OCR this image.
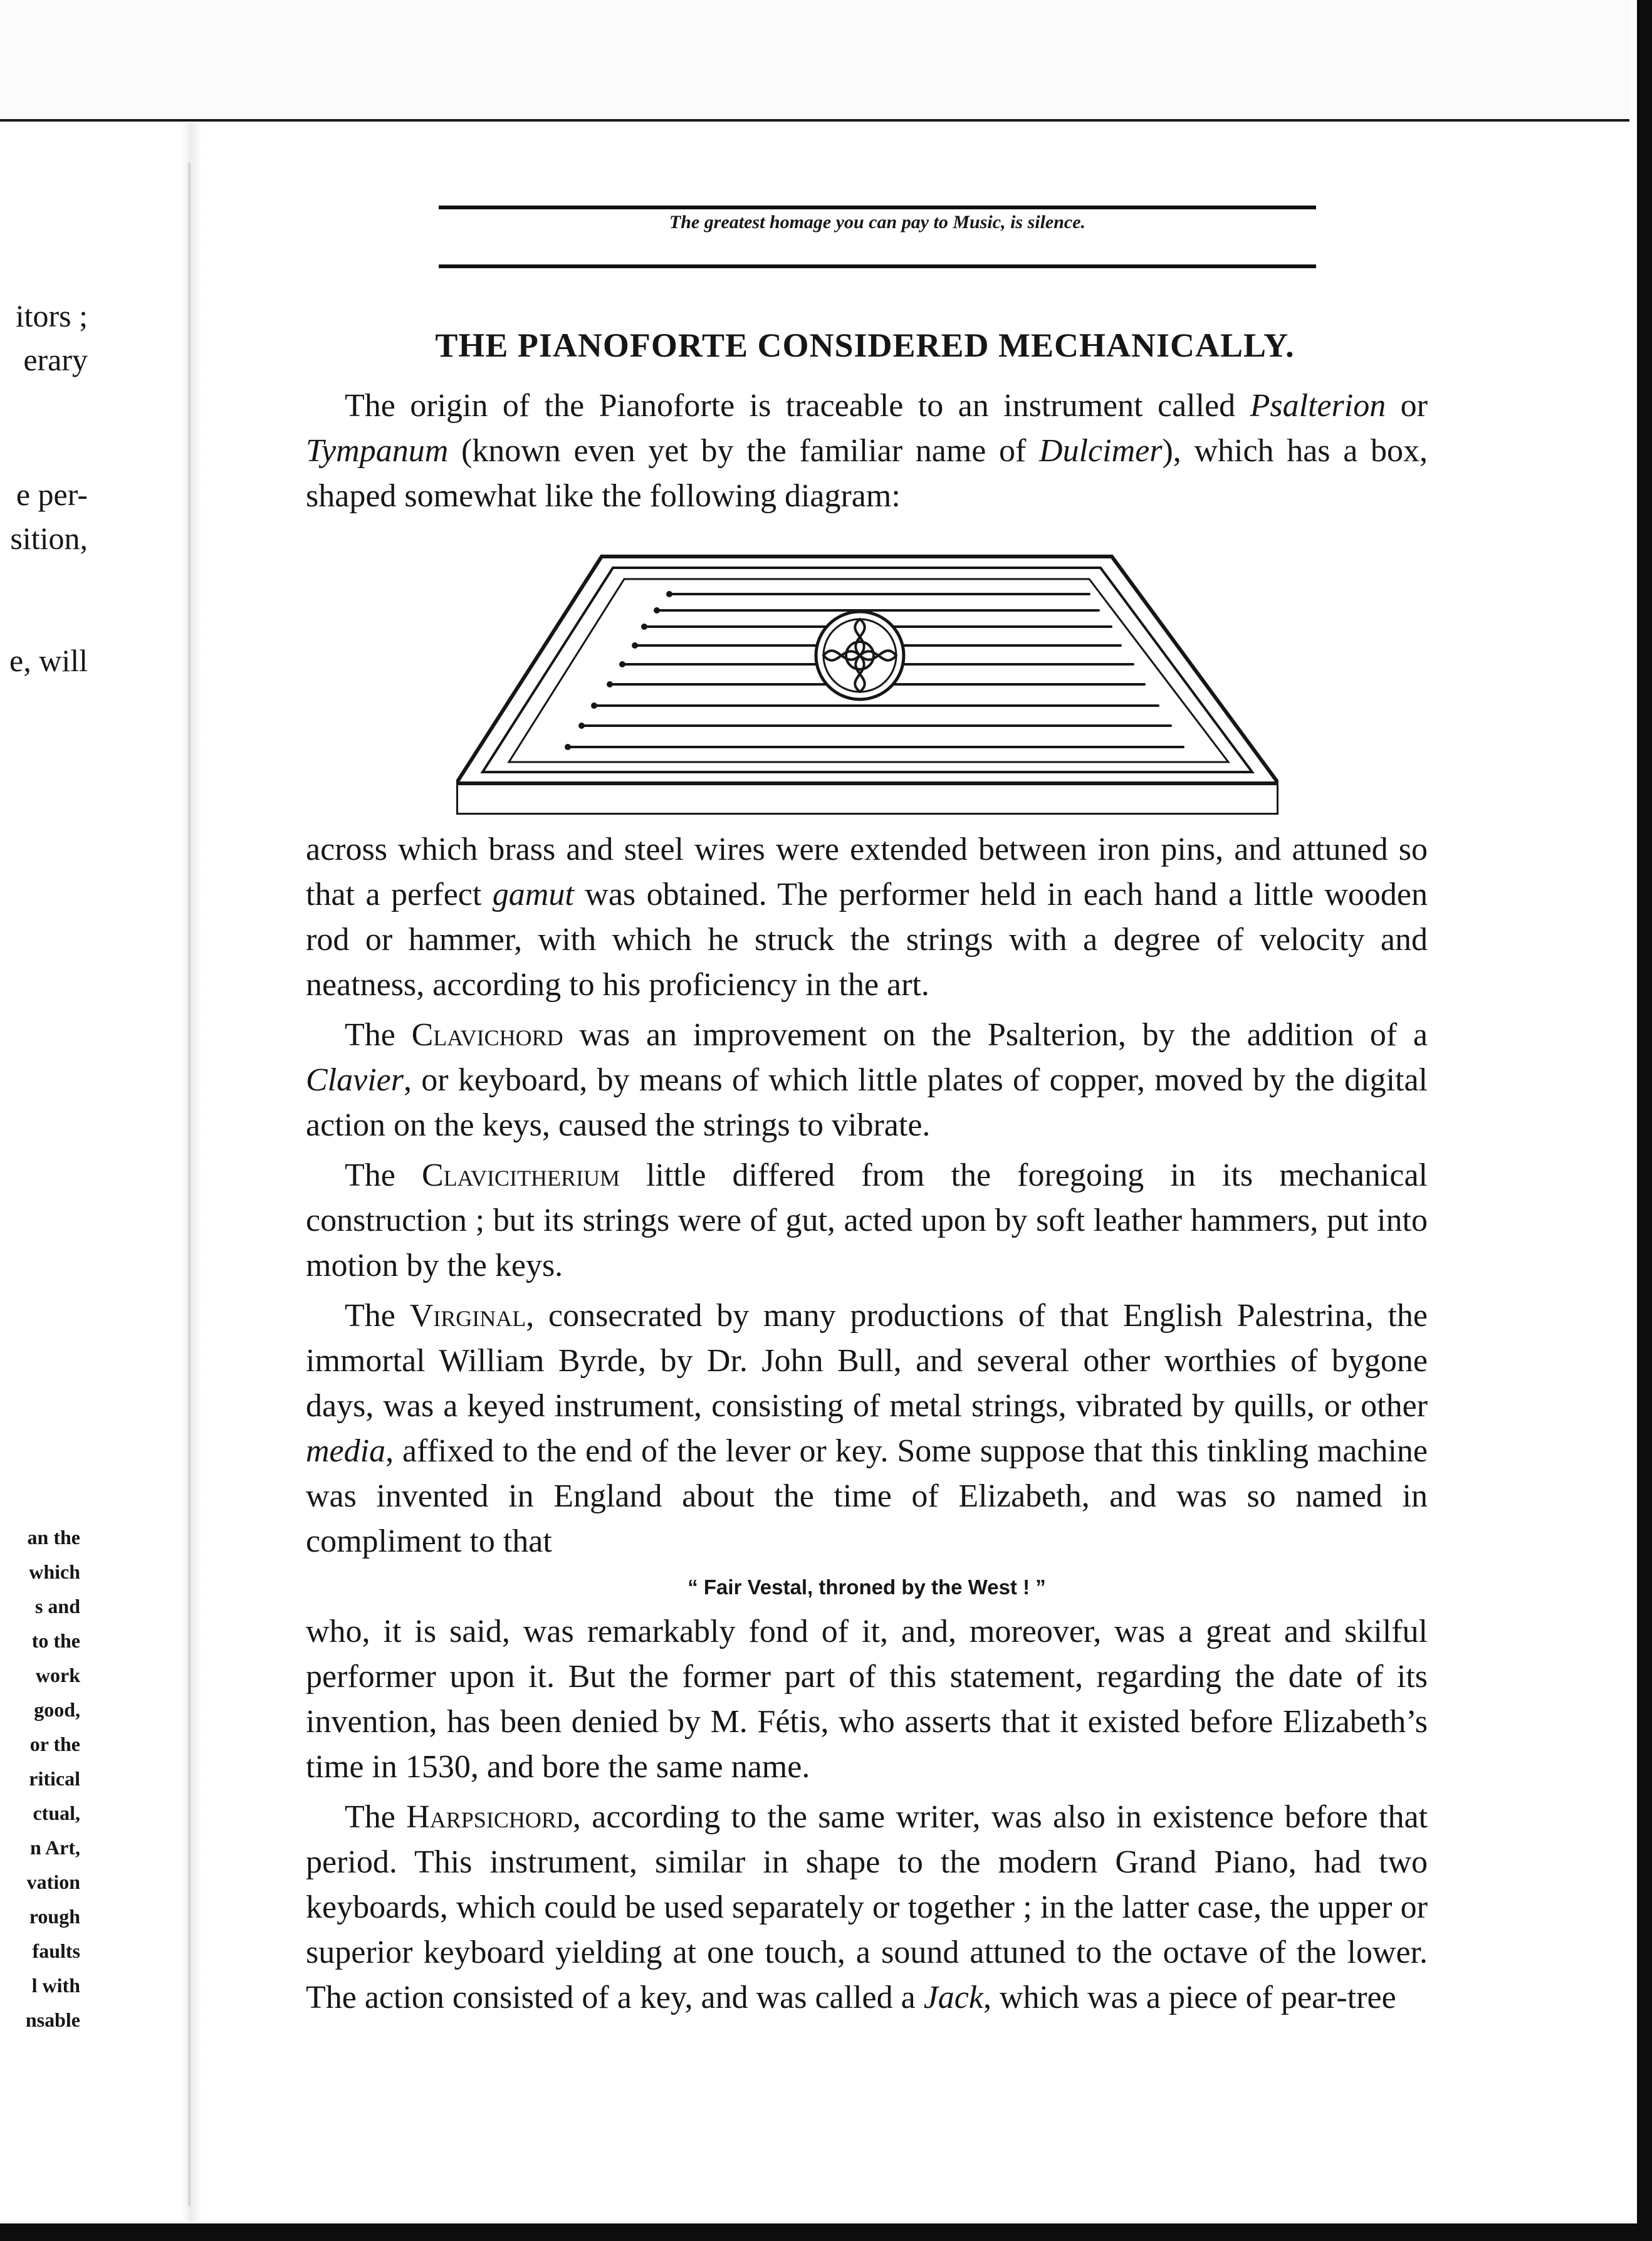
itors ;
erary
e per-
sition,
e, will
an the
which
s and
to the
work
good,
or the
ritical
ctual,
n Art,
vation
rough
faults
l with
nsable
The greatest homage you can pay to Music, is silence.
THE PIANOFORTE CONSIDERED MECHANICALLY.

The origin of the Pianoforte is traceable to an instrument called Psalterion or Tympanum (known even yet by the familiar name of Dulcimer), which has a box, shaped somewhat like the following diagram:

across which brass and steel wires were extended between iron pins, and attuned so that a perfect gamut was obtained. The performer held in each hand a little wooden rod or hammer, with which he struck the strings with a degree of velocity and neatness, according to his proficiency in the art.

The Clavichord was an improvement on the Psalterion, by the addition of a Clavier, or keyboard, by means of which little plates of copper, moved by the digital action on the keys, caused the strings to vibrate.

The Clavicitherium little differed from the foregoing in its mechanical construction ; but its strings were of gut, acted upon by soft leather hammers, put into motion by the keys.

The Virginal, consecrated by many productions of that English Palestrina, the immortal William Byrde, by Dr. John Bull, and several other worthies of bygone days, was a keyed instrument, consisting of metal strings, vibrated by quills, or other media, affixed to the end of the lever or key. Some suppose that this tinkling machine was invented in England about the time of Elizabeth, and was so named in compliment to that

“ Fair Vestal, throned by the West ! ”

who, it is said, was remarkably fond of it, and, moreover, was a great and skilful performer upon it. But the former part of this statement, regarding the date of its invention, has been denied by M. Fétis, who asserts that it existed before Elizabeth’s time in 1530, and bore the same name.

The Harpsichord, according to the same writer, was also in existence before that period. This instrument, similar in shape to the modern Grand Piano, had two keyboards, which could be used separately or together ; in the latter case, the upper or superior keyboard yielding at one touch, a sound attuned to the octave of the lower. The action consisted of a key, and was called a Jack, which was a piece of pear-tree
